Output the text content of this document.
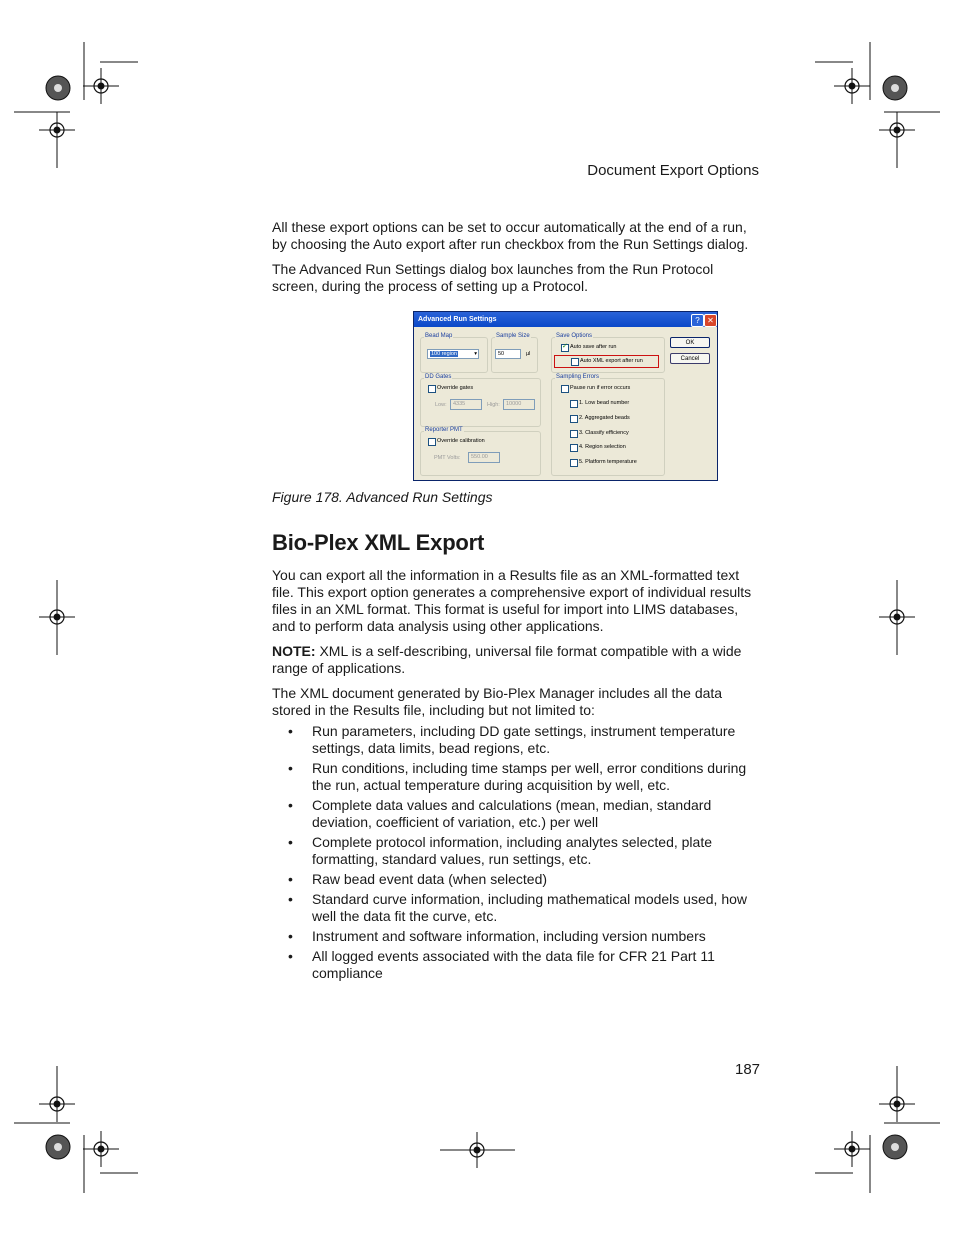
Document Export Options

All these export options can be set to occur automatically at the end of a run, by choosing the Auto export after run checkbox from the Run Settings dialog.

The Advanced Run Settings dialog box launches from the Run Protocol screen, during the process of setting up a Protocol.

Advanced Run Settings	? ✕
Bead Map
100 region	▾
Sample Size
50	µl
Save Options
✓
Auto save after run
Auto XML export after run
OK
Cancel
DD Gates
Override gates
Low:	4335	High:	10000
Reporter PMT
Override calibration
PMT Volts:	550.00
Sampling Errors
Pause run if error occurs
1. Low bead number
2. Aggregated beads
3. Classify efficiency
4. Region selection
5. Platform temperature
Figure 178. Advanced Run Settings
Bio-Plex XML Export

You can export all the information in a Results file as an XML-formatted text file. This export option generates a comprehensive export of individual results files in an XML format. This format is useful for import into LIMS databases, and to perform data analysis using other applications.

NOTE: XML is a self-describing, universal file format compatible with a wide range of applications.

The XML document generated by Bio-Plex Manager includes all the data stored in the Results file, including but not limited to:

• Run parameters, including DD gate settings, instrument temperature settings, data limits, bead regions, etc.
• Run conditions, including time stamps per well, error conditions during the run, actual temperature during acquisition by well, etc.
• Complete data values and calculations (mean, median, standard deviation, coefficient of variation, etc.) per well
• Complete protocol information, including analytes selected, plate formatting, standard values, run settings, etc.
• Raw bead event data (when selected)
• Standard curve information, including mathematical models used, how well the data fit the curve, etc.
• Instrument and software information, including version numbers
• All logged events associated with the data file for CFR 21 Part 11 compliance
187
